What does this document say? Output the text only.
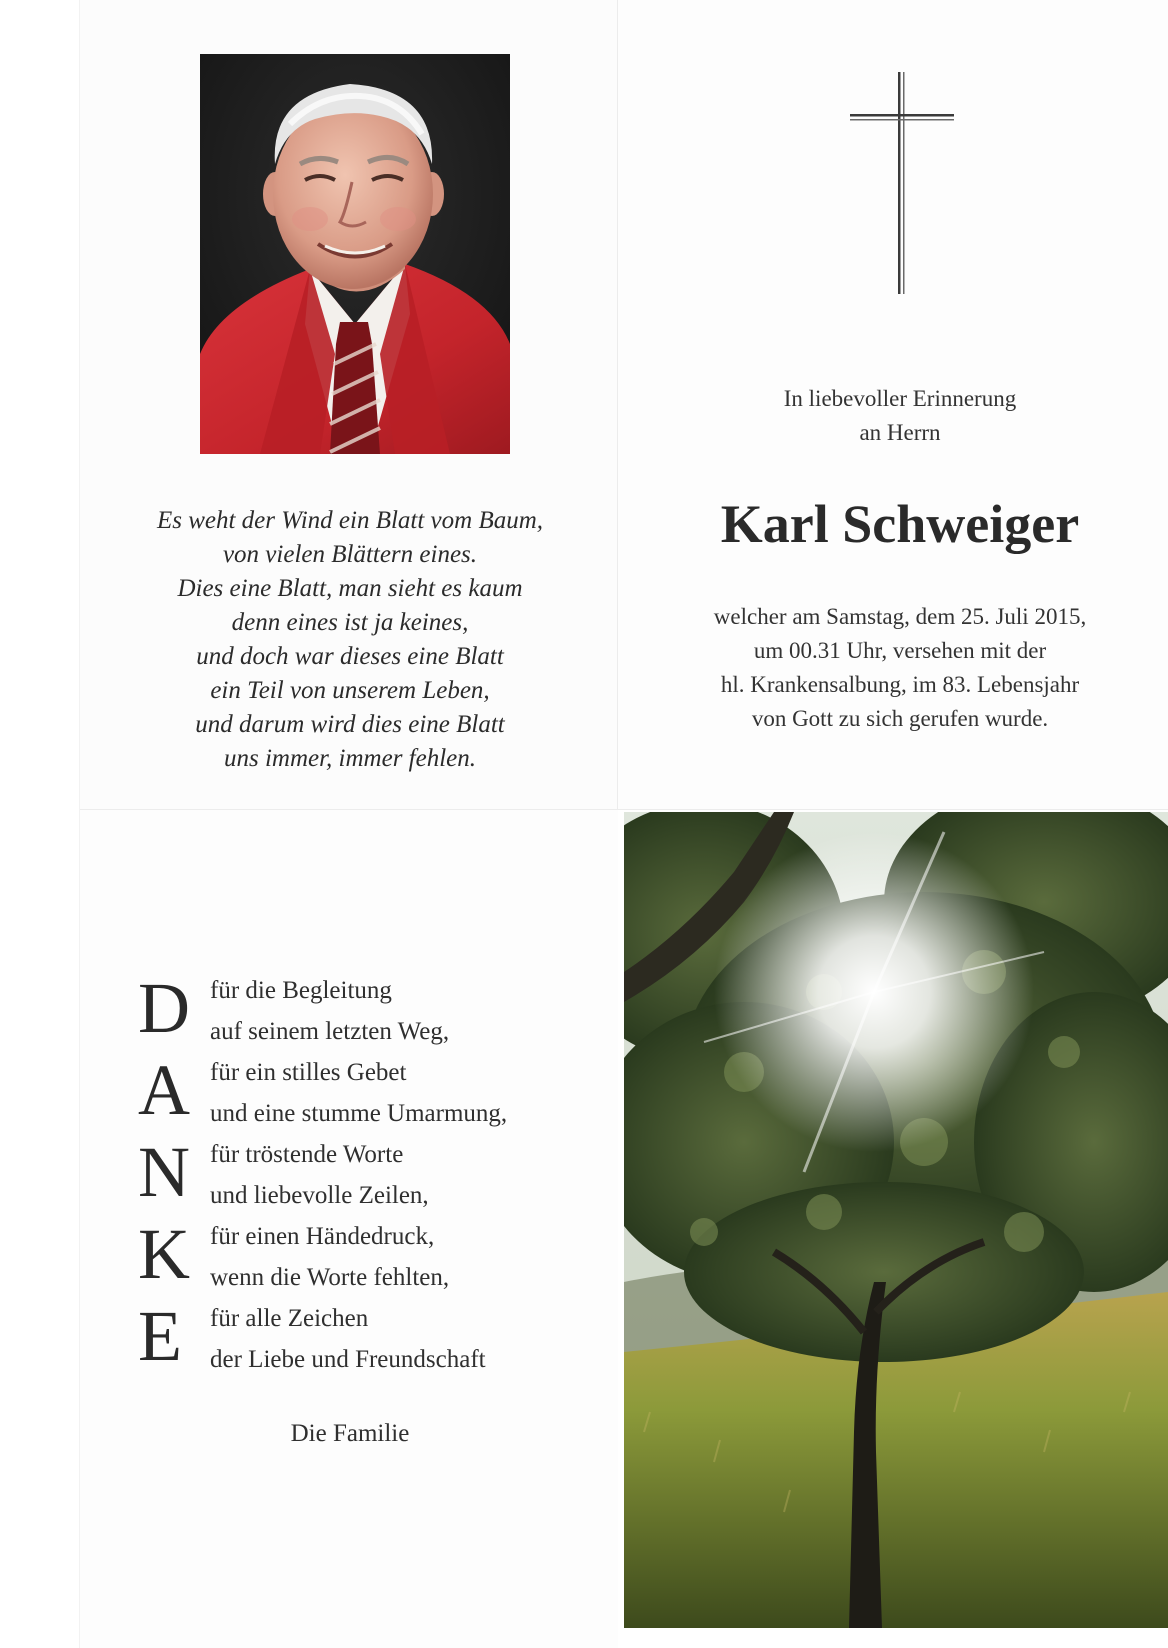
Es weht der Wind ein Blatt vom Baum,
von vielen Blättern eines.
Dies eine Blatt, man sieht es kaum
denn eines ist ja keines,
und doch war dieses eine Blatt
ein Teil von unserem Leben,
und darum wird dies eine Blatt
uns immer, immer fehlen.
In liebevoller Erinnerung
an Herrn
Karl Schweiger
welcher am Samstag, dem 25. Juli 2015,
um 00.31 Uhr, versehen mit der
hl. Krankensalbung, im 83. Lebensjahr
von Gott zu sich gerufen wurde.
D für die Begleitung
auf seinem letzten Weg,
A für ein stilles Gebet
und eine stumme Umarmung,
N für tröstende Worte
und liebevolle Zeilen,
K für einen Händedruck,
wenn die Worte fehlten,
E für alle Zeichen
der Liebe und Freundschaft
Die Familie
